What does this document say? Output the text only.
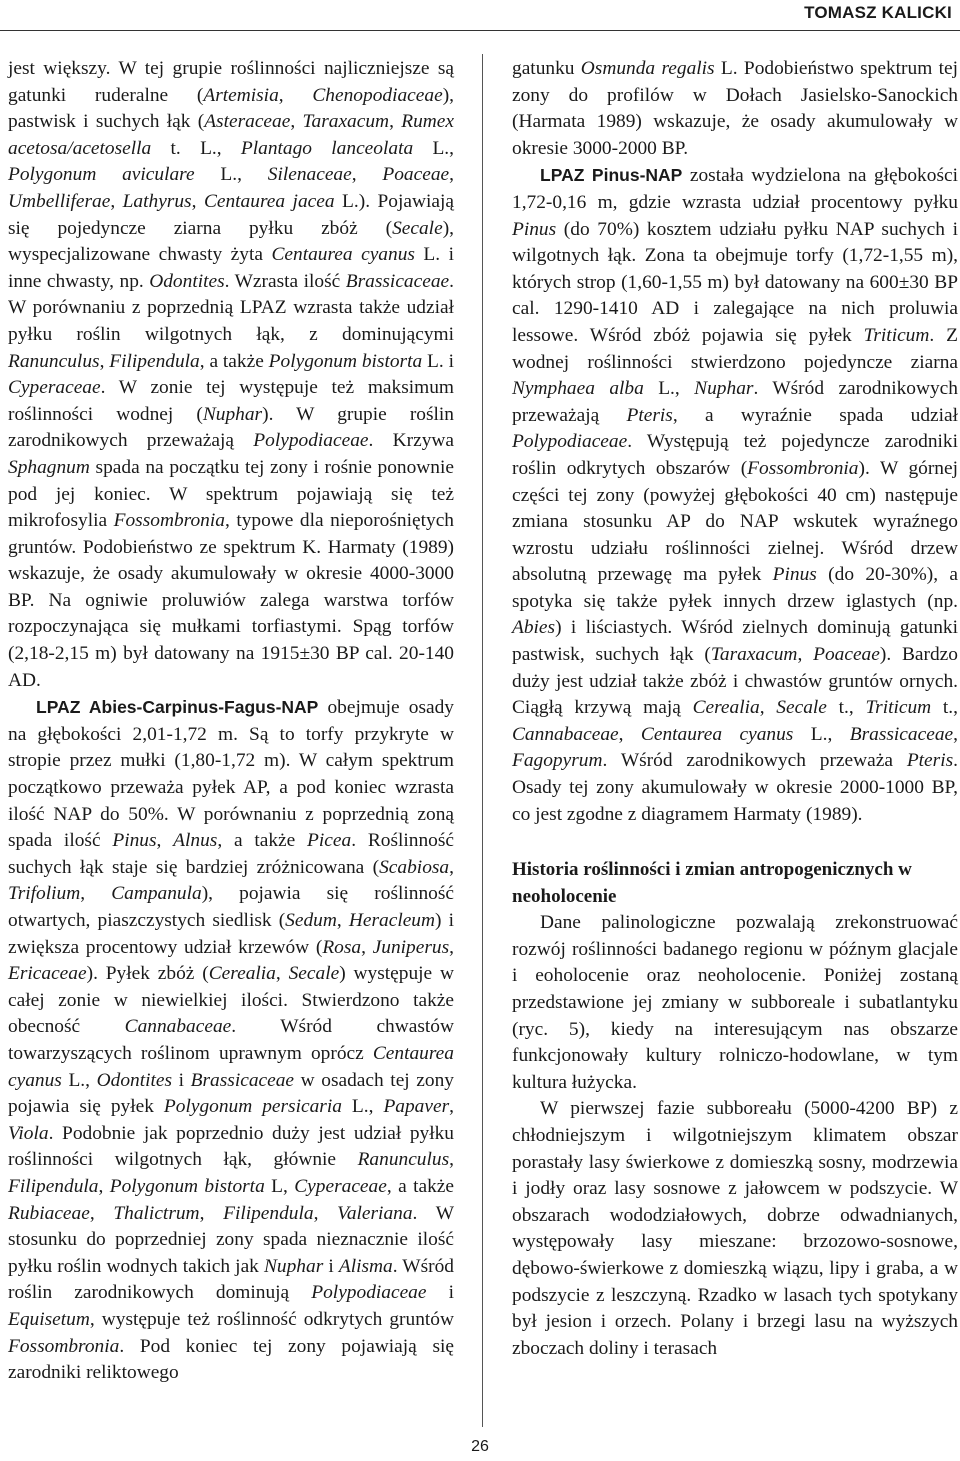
TOMASZ KALICKI

jest większy. W tej grupie roślinności najliczniejsze są gatunki ruderalne (Artemisia, Chenopodiaceae), pastwisk i suchych łąk (Asteraceae, Taraxacum, Rumex acetosa/acetosella t. L., Plantago lanceolata L., Polygonum aviculare L., Silenaceae, Poaceae, Umbelliferae, Lathyrus, Centaurea jacea L.). Pojawiają się pojedyncze ziarna pyłku zbóż (Secale), wyspecjalizowane chwasty żyta Centaurea cyanus L. i inne chwasty, np. Odontites. Wzrasta ilość Brassicaceae. W porównaniu z poprzednią LPAZ wzrasta także udział pyłku roślin wilgotnych łąk, z dominującymi Ranunculus, Filipendula, a także Polygonum bistorta L. i Cyperaceae. W zonie tej występuje też maksimum roślinności wodnej (Nuphar). W grupie roślin zarodnikowych przeważają Polypodiaceae. Krzywa Sphagnum spada na początku tej zony i rośnie ponownie pod jej koniec. W spektrum pojawiają się też mikrofosylia Fossombronia, typowe dla nieporośniętych gruntów. Podobieństwo ze spektrum K. Harmaty (1989) wskazuje, że osady akumulowały w okresie 4000-3000 BP. Na ogniwie proluwiów zalega warstwa torfów rozpoczynająca się mułkami torfiastymi. Spąg torfów (2,18-2,15 m) był datowany na 1915±30 BP cal. 20-140 AD.

LPAZ Abies-Carpinus-Fagus-NAP obejmuje osady na głębokości 2,01-1,72 m. Są to torfy przykryte w stropie przez mułki (1,80-1,72 m). W całym spektrum początkowo przeważa pyłek AP, a pod koniec wzrasta ilość NAP do 50%. W porównaniu z poprzednią zoną spada ilość Pinus, Alnus, a także Picea. Roślinność suchych łąk staje się bardziej zróżnicowana (Scabiosa, Trifolium, Campanula), pojawia się roślinność otwartych, piaszczystych siedlisk (Sedum, Heracleum) i zwiększa procentowy udział krzewów (Rosa, Juniperus, Ericaceae). Pyłek zbóż (Cerealia, Secale) występuje w całej zonie w niewielkiej ilości. Stwierdzono także obecność Cannabaceae. Wśród chwastów towarzyszących roślinom uprawnym oprócz Centaurea cyanus L., Odontites i Brassicaceae w osadach tej zony pojawia się pyłek Polygonum persicaria L., Papaver, Viola. Podobnie jak poprzednio duży jest udział pyłku roślinności wilgotnych łąk, głównie Ranunculus, Filipendula, Polygonum bistorta L, Cyperaceae, a także Rubiaceae, Thalictrum, Filipendula, Valeriana. W stosunku do poprzedniej zony spada nieznacznie ilość pyłku roślin wodnych takich jak Nuphar i Alisma. Wśród roślin zarodnikowych dominują Polypodiaceae i Equisetum, występuje też roślinność odkrytych gruntów Fossombronia. Pod koniec tej zony pojawiają się zarodniki reliktowego

gatunku Osmunda regalis L. Podobieństwo spektrum tej zony do profilów w Dołach Jasielsko-Sanockich (Harmata 1989) wskazuje, że osady akumulowały w okresie 3000-2000 BP.

LPAZ Pinus-NAP została wydzielona na głębokości 1,72-0,16 m, gdzie wzrasta udział procentowy pyłku Pinus (do 70%) kosztem udziału pyłku NAP suchych i wilgotnych łąk. Zona ta obejmuje torfy (1,72-1,55 m), których strop (1,60-1,55 m) był datowany na 600±30 BP cal. 1290-1410 AD i zalegające na nich proluwia lessowe. Wśród zbóż pojawia się pyłek Triticum. Z wodnej roślinności stwierdzono pojedyncze ziarna Nymphaea alba L., Nuphar. Wśród zarodnikowych przeważają Pteris, a wyraźnie spada udział Polypodiaceae. Występują też pojedyncze zarodniki roślin odkrytych obszarów (Fossombronia). W górnej części tej zony (powyżej głębokości 40 cm) następuje zmiana stosunku AP do NAP wskutek wyraźnego wzrostu udziału roślinności zielnej. Wśród drzew absolutną przewagę ma pyłek Pinus (do 20-30%), a spotyka się także pyłek innych drzew iglastych (np. Abies) i liściastych. Wśród zielnych dominują gatunki pastwisk, suchych łąk (Taraxacum, Poaceae). Bardzo duży jest udział także zbóż i chwastów gruntów ornych. Ciągłą krzywą mają Cerealia, Secale t., Triticum t., Cannabaceae, Centaurea cyanus L., Brassicaceae, Fagopyrum. Wśród zarodnikowych przeważa Pteris. Osady tej zony akumulowały w okresie 2000-1000 BP, co jest zgodne z diagramem Harmaty (1989).

Historia roślinności i zmian antropogenicznych w neoholocenie

Dane palinologiczne pozwalają zrekonstruować rozwój roślinności badanego regionu w późnym glacjale i eoholocenie oraz neoholocenie. Poniżej zostaną przedstawione jej zmiany w subboreale i subatlantyku (ryc. 5), kiedy na interesującym nas obszarze funkcjonowały kultury rolniczo-hodowlane, w tym kultura łużycka.

W pierwszej fazie subboreału (5000-4200 BP) z chłodniejszym i wilgotniejszym klimatem obszar porastały lasy świerkowe z domieszką sosny, modrzewia i jodły oraz lasy sosnowe z jałowcem w podszycie. W obszarach wododziałowych, dobrze odwadnianych, występowały lasy mieszane: brzozowo-sosnowe, dębowo-świerkowe z domieszką wiązu, lipy i graba, a w podszycie z leszczyną. Rzadko w lasach tych spotykany był jesion i orzech. Polany i brzegi lasu na wyższych zboczach doliny i terasach

26
